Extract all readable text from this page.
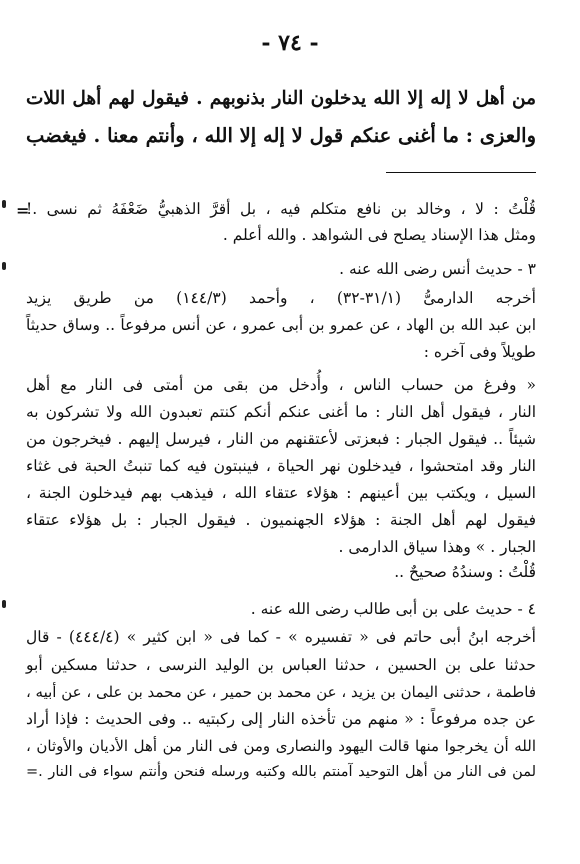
- ٧٤ -
من أهل لا إله إلا الله يدخلون النار بذنوبهم . فيقول لهم أهل اللات
والعزى : ما أغنى عنكم قول لا إله إلا الله ، وأنتم معنا . فيغضب
=
قُلْتُ : لا ، وخالد بن نافع متكلم فيه ، بل أقرَّ الذهبيُّ ضَعْفَهُ ثم نسى .!
ومثل هذا الإسناد يصلح فى الشواهد . والله أعلم .
٣ - حديث أنس رضى الله عنه .
أخرجه الدارمىُّ (٣١/١-٣٢) ، وأحمد (١٤٤/٣) من طريق يزيد
ابن عبد الله بن الهاد ، عن عمرو بن أبى عمرو ، عن أنس مرفوعاً .. وساق حديثاً
طويلاً وفى آخره :
« وفرغ من حساب الناس ، وأُدخل من بقى من أمتى فى النار مع أهل
النار ، فيقول أهل النار : ما أغنى عنكم أنكم كنتم تعبدون الله ولا تشركون به
شيئاً .. فيقول الجبار : فبعزتى لأعتقنهم من النار ، فيرسل إليهم . فيخرجون من
النار وقد امتحشوا ، فيدخلون نهر الحياة ، فينبتون فيه كما تنبتُ الحبة فى غثاء
السيل ، ويكتب بين أعينهم : هؤلاء عتقاء الله ، فيذهب بهم فيدخلون الجنة ،
فيقول لهم أهل الجنة : هؤلاء الجهنميون . فيقول الجبار : بل هؤلاء عتقاء
الجبار . » وهذا سياق الدارمى .
قُلْتُ : وسندُهُ صحيحٌ ..
٤ - حديث على بن أبى طالب رضى الله عنه .
أخرجه ابنُ أبى حاتم فى « تفسيره » - كما فى « ابن كثير » (٤٤٤/٤) - قال
حدثنا على بن الحسين ، حدثنا العباس بن الوليد النرسى ، حدثنا مسكين أبو
فاطمة ، حدثنى اليمان بن يزيد ، عن محمد بن حمير ، عن محمد بن على ، عن أبيه ،
عن جده مرفوعاً : « منهم من تأخذه النار إلى ركبتيه .. وفى الحديث : فإذا أراد
الله أن يخرجوا منها قالت اليهود والنصارى ومن فى النار من أهل الأديان والأوثان ،
لمن فى النار من أهل التوحيد آمنتم بالله وكتبه ورسله فنحن وأنتم سواء فى النار .=
